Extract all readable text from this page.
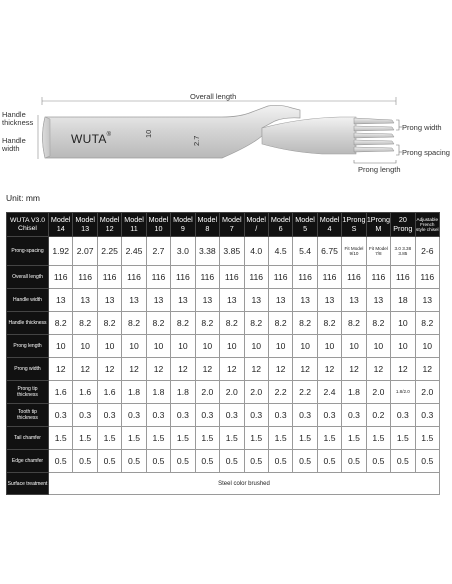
WUTA®	10
2.7
Overall length
Handle thickness
Handle width
Prong width
Prong spacing
Prong length
Unit: mm
WUTA V3.0 Chisel	Model 14	Model 13	Model 12	Model 11	Model 10	Model 9	Model 8	Model 7	Model /	Model 6	Model 5	Model 4	1Prong S	1Prong M	20 Prong	Adjustable French style chisel
Prong-spacing	1.92	2.07	2.25	2.45	2.7	3.0	3.38	3.85	4.0	4.5	5.4	6.75	Fit Model 9/10	Fit Model 7/8	3.0 3.38 3.85	2-6
Overall length	116	116	116	116	116	116	116	116	116	116	116	116	116	116	116	116
Handle width	13	13	13	13	13	13	13	13	13	13	13	13	13	13	18	13
Handle thickness	8.2	8.2	8.2	8.2	8.2	8.2	8.2	8.2	8.2	8.2	8.2	8.2	8.2	8.2	10	8.2
Prong length	10	10	10	10	10	10	10	10	10	10	10	10	10	10	10	10
Prong width	12	12	12	12	12	12	12	12	12	12	12	12	12	12	12	12
Prong tip thickness	1.6	1.6	1.6	1.8	1.8	1.8	2.0	2.0	2.0	2.2	2.2	2.4	1.8	2.0	1.8/2.0	2.0
Tooth tip thickness	0.3	0.3	0.3	0.3	0.3	0.3	0.3	0.3	0.3	0.3	0.3	0.3	0.3	0.2	0.3	0.3
Tail chamfer	1.5	1.5	1.5	1.5	1.5	1.5	1.5	1.5	1.5	1.5	1.5	1.5	1.5	1.5	1.5	1.5
Edge chamfer	0.5	0.5	0.5	0.5	0.5	0.5	0.5	0.5	0.5	0.5	0.5	0.5	0.5	0.5	0.5	0.5
Surface treatment	Steel color brushed															
